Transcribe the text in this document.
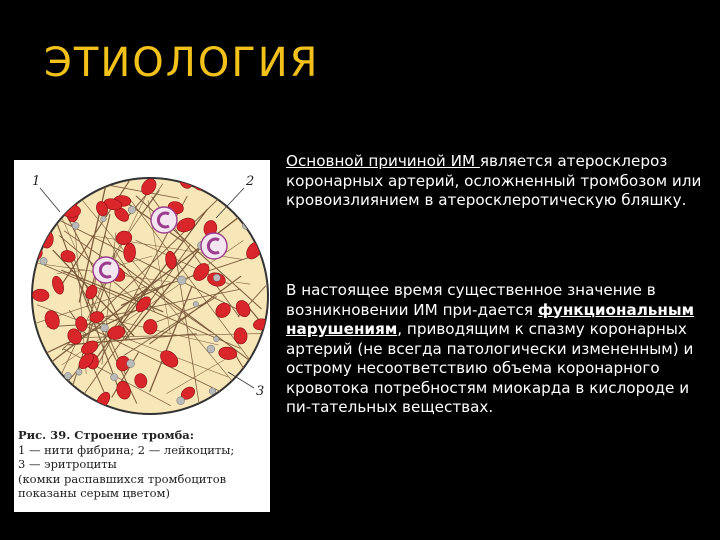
ЭТИОЛОГИЯ
1	2
3
Рис. 39. Строение тромба:
1 — нити фибрина; 2 — лейкоциты;
3 — эритроциты
(комки распавшихся тромбоцитов
показаны серым цветом)
Основной причиной ИМ является атеросклероз коронарных артерий, осложненный тромбозом или кровоизлиянием в атеросклеротическую бляшку.
В настоящее время существенное значение в возникновении ИМ при-дается функциональным нарушениям, приводящим к спазму коронарных артерий (не всегда патологически измененным) и острому несоответствию объема коронарного кровотока потребностям миокарда в кислороде и пи-тательных веществах.
